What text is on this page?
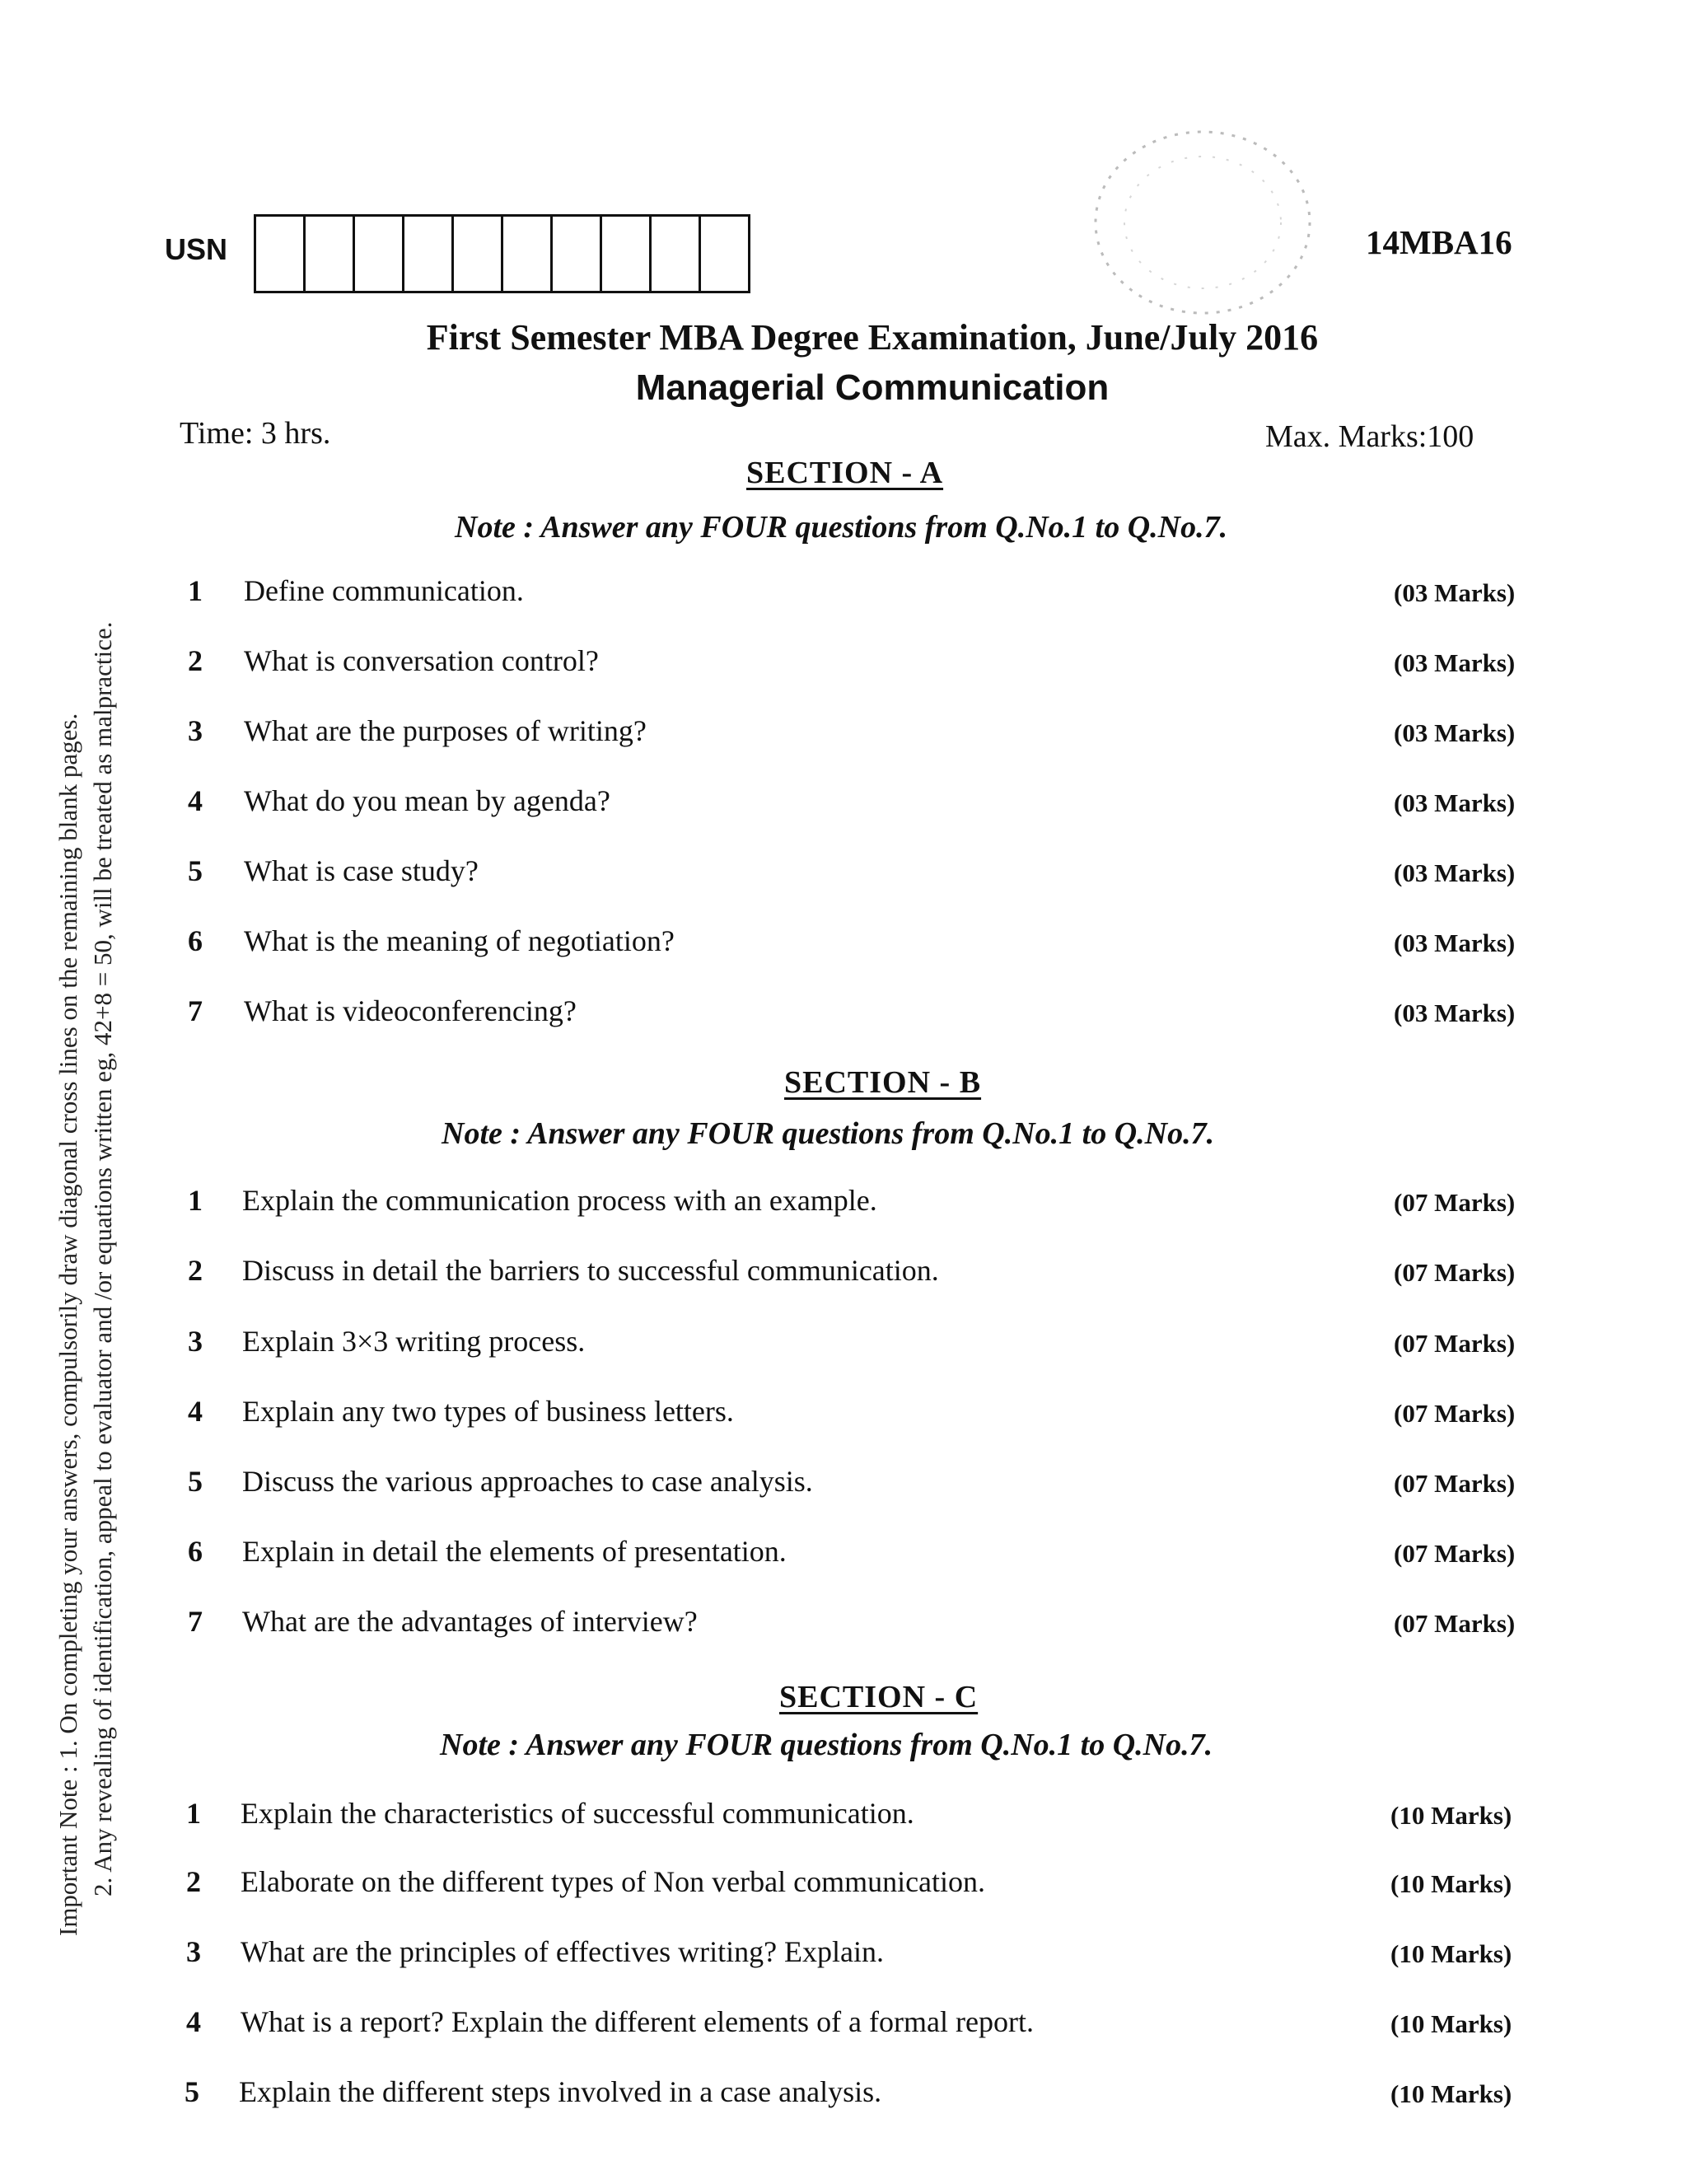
Important Note : 1. On completing your answers, compulsorily draw diagonal cross lines on the remaining blank pages. 2. Any revealing of identification, appeal to evaluator and /or equations written eg, 42+8 = 50, will be treated as malpractice.
USN	14MBA16
First Semester MBA Degree Examination, June/July 2016
Managerial Communication
Time: 3 hrs.	Max. Marks:100
SECTION - A
Note : Answer any FOUR questions from Q.No.1 to Q.No.7.
1	Define communication.	(03 Marks)
2	What is conversation control?	(03 Marks)
3	What are the purposes of writing?	(03 Marks)
4	What do you mean by agenda?	(03 Marks)
5	What is case study?	(03 Marks)
6	What is the meaning of negotiation?	(03 Marks)
7	What is videoconferencing?	(03 Marks)
SECTION - B
Note : Answer any FOUR questions from Q.No.1 to Q.No.7.
1	Explain the communication process with an example.	(07 Marks)
2	Discuss in detail the barriers to successful communication.	(07 Marks)
3	Explain 3×3 writing process.	(07 Marks)
4	Explain any two types of business letters.	(07 Marks)
5	Discuss the various approaches to case analysis.	(07 Marks)
6	Explain in detail the elements of presentation.	(07 Marks)
7	What are the advantages of interview?	(07 Marks)
SECTION - C
Note : Answer any FOUR questions from Q.No.1 to Q.No.7.
1	Explain the characteristics of successful communication.	(10 Marks)
2	Elaborate on the different types of Non verbal communication.	(10 Marks)
3	What are the principles of effectives writing? Explain.	(10 Marks)
4	What is a report? Explain the different elements of a formal report.	(10 Marks)
5	Explain the different steps involved in a case analysis.	(10 Marks)
